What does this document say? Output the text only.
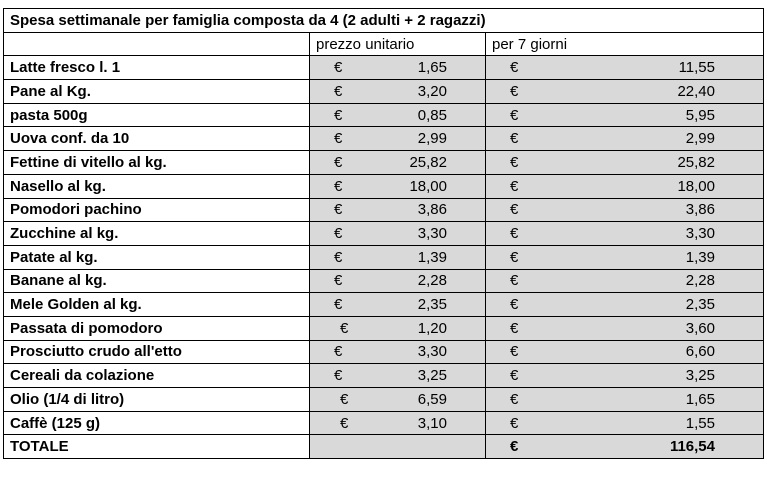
Spesa settimanale per famiglia composta da 4 (2 adulti + 2 ragazzi)		
	prezzo unitario	per 7 giorni
Latte fresco l. 1	€ 1,65	€ 11,55

Pane al Kg.	€ 3,20	€ 22,40

pasta 500g	€ 0,85	€ 5,95

Uova conf. da 10	€ 2,99	€ 2,99

Fettine di vitello al kg.	€ 25,82	€ 25,82

Nasello al kg.	€ 18,00	€ 18,00

Pomodori pachino	€ 3,86	€ 3,86

Zucchine al kg.	€ 3,30	€ 3,30

Patate al kg.	€ 1,39	€ 1,39

Banane al kg.	€ 2,28	€ 2,28

Mele Golden al kg.	€ 2,35	€ 2,35

Passata di pomodoro	€ 1,20	€ 3,60

Prosciutto crudo all'etto	€ 3,30	€ 6,60

Cereali da colazione	€ 3,25	€ 3,25

Olio (1/4 di litro)	€ 6,59	€ 1,65

Caffè (125 g)	€ 3,10	€ 1,55

TOTALE		€ 116,54
